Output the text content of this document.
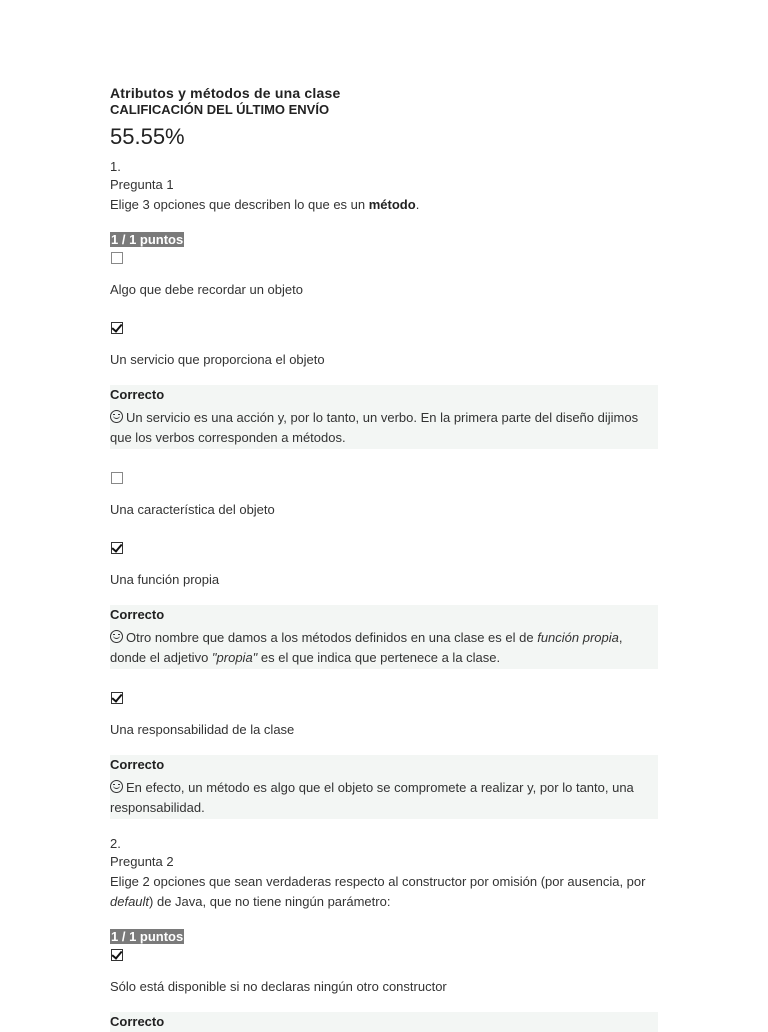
Atributos y métodos de una clase
CALIFICACIÓN DEL ÚLTIMO ENVÍO
55.55%
1.
Pregunta 1
Elige 3 opciones que describen lo que es un método.
1 / 1 puntos
Algo que debe recordar un objeto
Un servicio que proporciona el objeto
Correcto
Un servicio es una acción y, por lo tanto, un verbo. En la primera parte del diseño dijimos que los verbos corresponden a métodos.
Una característica del objeto
Una función propia
Correcto
Otro nombre que damos a los métodos definidos en una clase es el de función propia, donde el adjetivo "propia" es el que indica que pertenece a la clase.
Una responsabilidad de la clase
Correcto
En efecto, un método es algo que el objeto se compromete a realizar y, por lo tanto, una responsabilidad.
2.
Pregunta 2
Elige 2 opciones que sean verdaderas respecto al constructor por omisión (por ausencia, por default) de Java, que no tiene ningún parámetro:
1 / 1 puntos
Sólo está disponible si no declaras ningún otro constructor
Correcto
